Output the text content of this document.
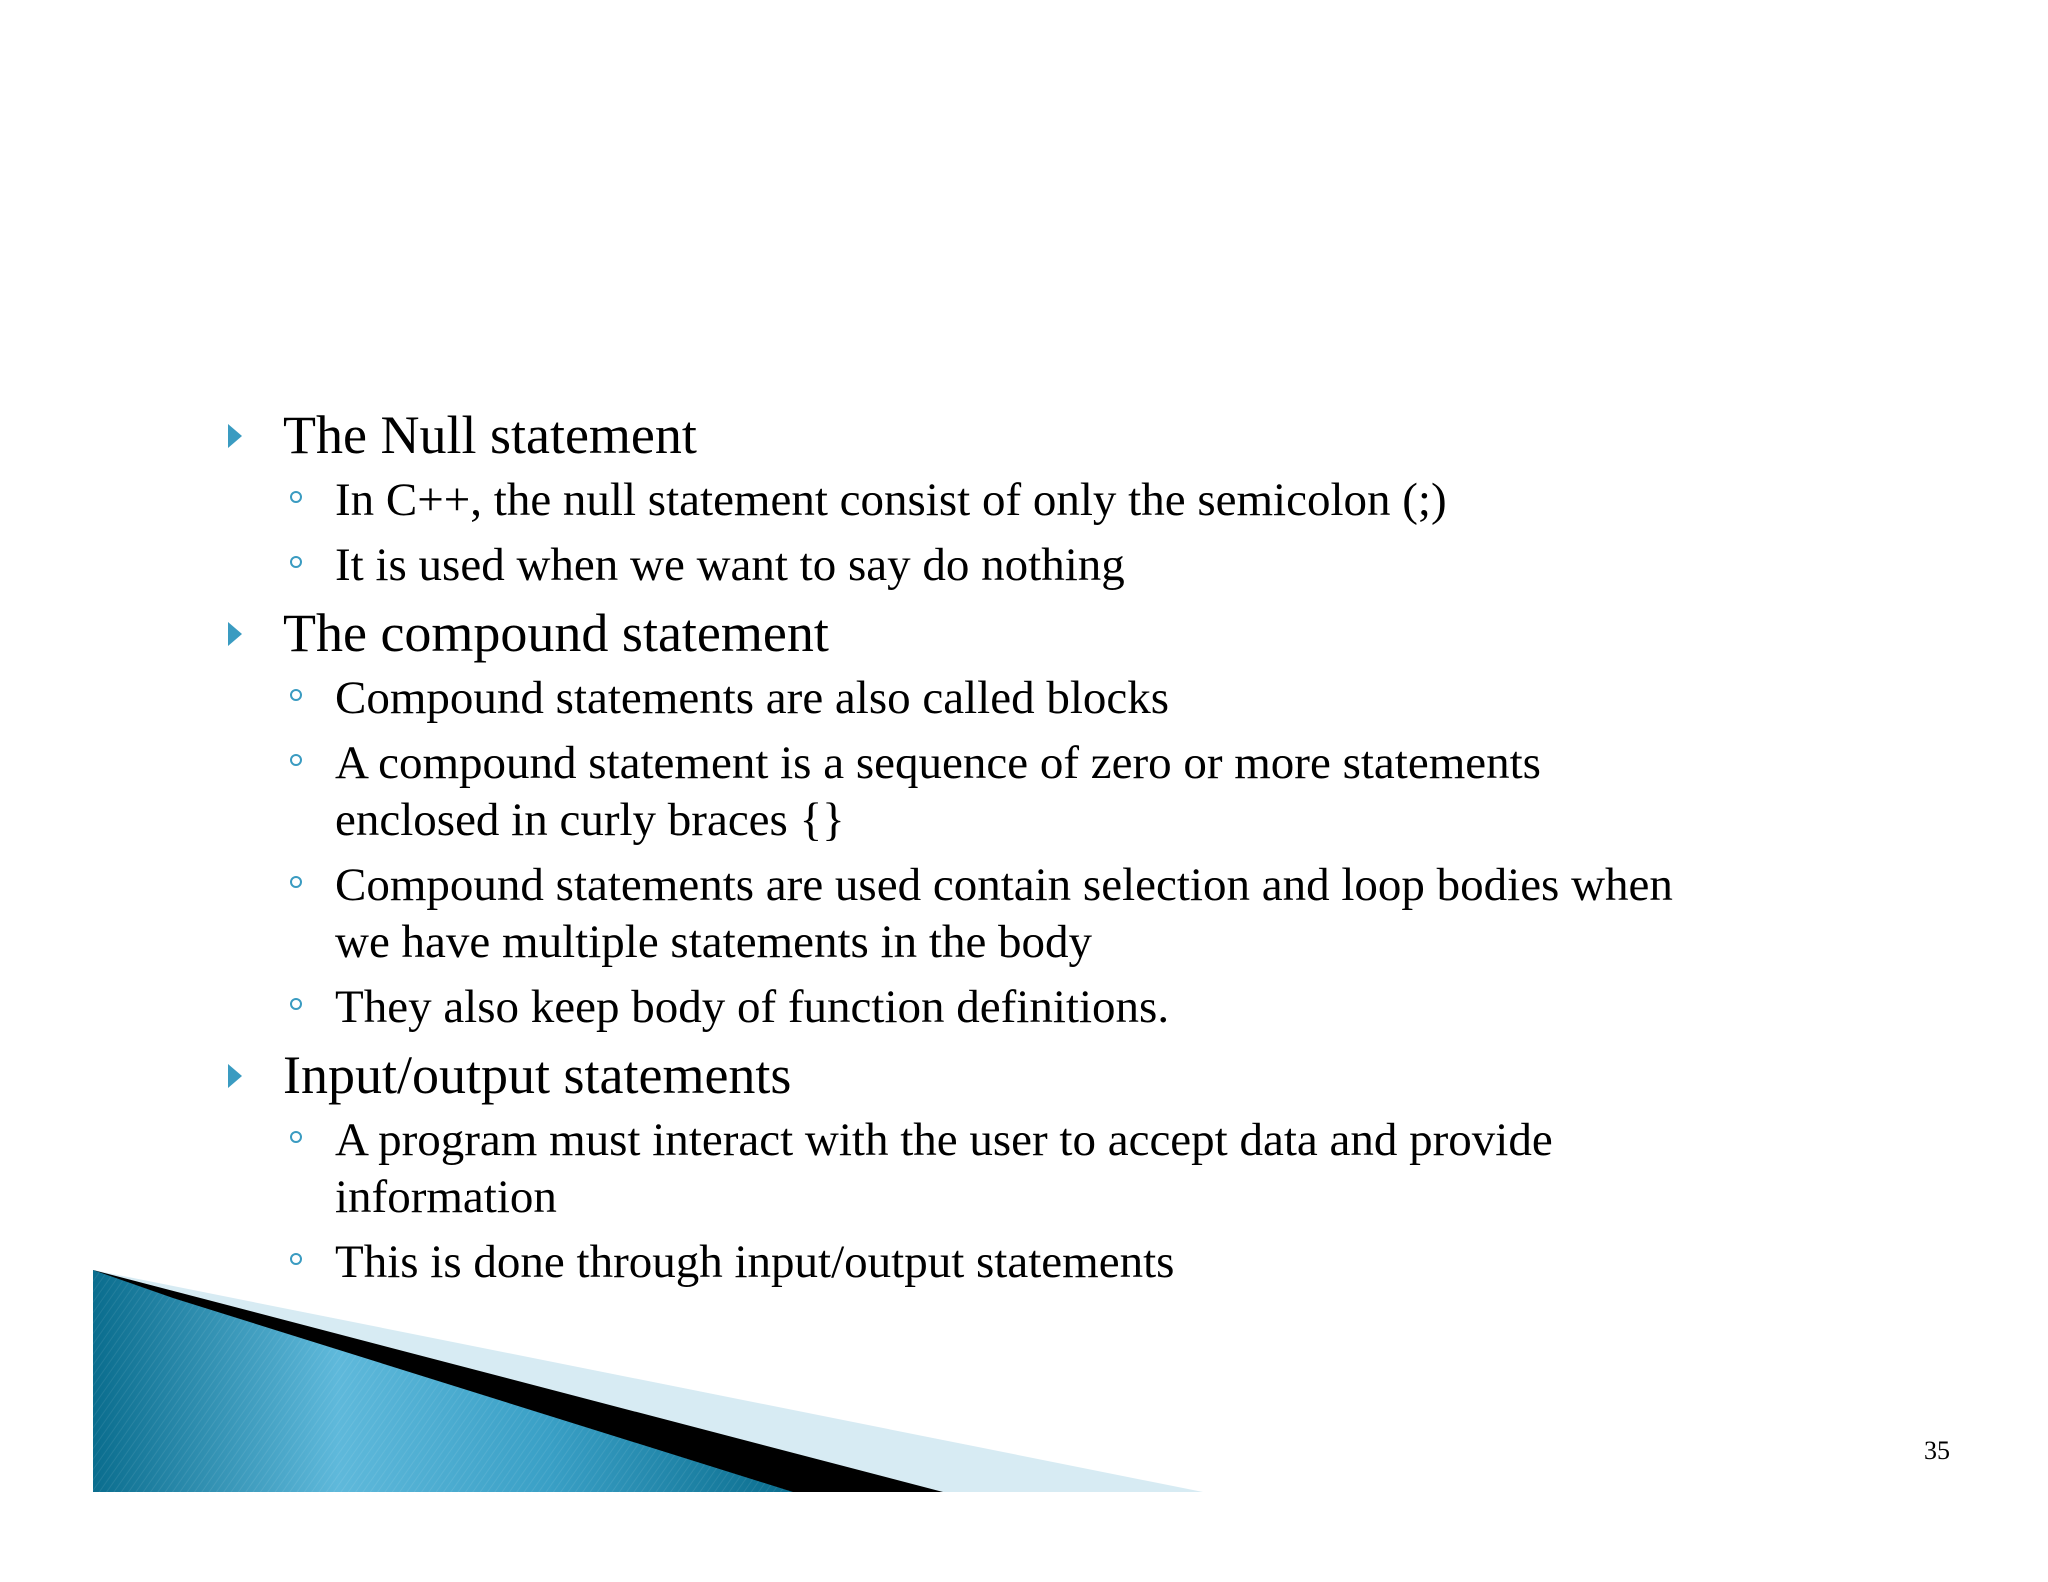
The Null statement
In C++, the null statement consist of only the semicolon (;)
It is used when we want to say do nothing
The compound statement
Compound statements are also called blocks
A compound statement is a sequence of zero or more statements
enclosed in curly braces {}
Compound statements are used contain selection and loop bodies when
we have multiple statements in the body
They also keep body of function definitions.
Input/output statements
A program must interact with the user to accept data and provide
information
This is done through input/output statements
35
